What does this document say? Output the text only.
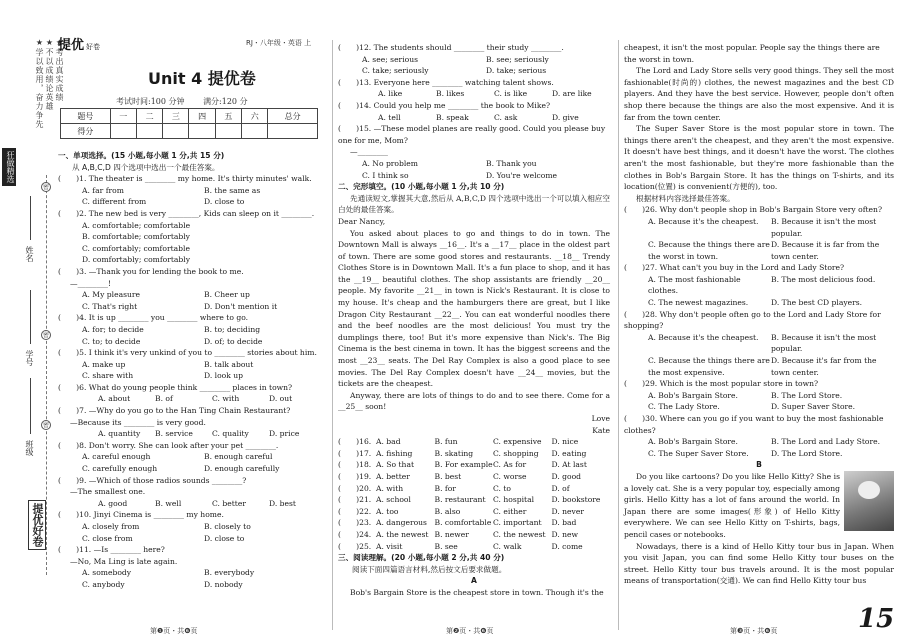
★考出真实成绩
★不以成绩论英雄
★学以致用，奋力争先
狂做精选
密
密
密
姓名
学号
班级
提优好卷
提优 好卷	RJ・八年级・英语 上
Unit 4 提优卷
考试时间:100 分钟 满分:120 分
题号	一	二	三	四	五	六	总分
得分							
一、单项选择。(15 小题,每小题 1 分,共 15 分)
从 A,B,C,D 四个选项中选出一个最佳答案。
(　　)1. The theater is ________ my home. It's thirty minutes' walk.
A. far from	B. the same as
C. different from	D. close to
(　　)2. The new bed is very ________, Kids can sleep on it ________.
A. comfortable; comfortable
B. comfortable; comfortably
C. comfortably; comfortable
D. comfortably; comfortably
(　　)3. —Thank you for lending the book to me.
—________!
A. My pleasure	B. Cheer up
C. That's right	D. Don't mention it
(　　)4. It is up ________ you ________ where to go.
A. for; to decide	B. to; deciding
C. to; to decide	D. of; to decide
(　　)5. I think it's very unkind of you to ________ stories about him.
A. make up	B. talk about
C. share with	D. look up
(　　)6. What do young people think ________ places in town?
A. about	B. of	C. with	D. out
(　　)7. —Why do you go to the Han Ting Chain Restaurant?
—Because its ________ is very good.
A. quantity	B. service	C. quality	D. price
(　　)8. Don't worry. She can look after your pet ________.
A. careful enough	B. enough careful
C. carefully enough	D. enough carefully
(　　)9. —Which of those radios sounds ________?
—The smallest one.
A. good	B. well	C. better	D. best
(　　)10. Jinyi Cinema is ________ my home.
A. closely from	B. closely to
C. close from	D. close to
(　　)11. —Is ________ here?
—No, Ma Ling is late again.
A. somebody	B. everybody
C. anybody	D. nobody
(　　)12. The students should ________ their study ________.
A. see; serious	B. see; seriously
C. take; seriously	D. take; serious
(　　)13. Everyone here ________ watching talent shows.
A. like	B. likes	C. is like	D. are like
(　　)14. Could you help me ________ the book to Mike?
A. tell	B. speak	C. ask	D. give
(　　)15. —These model planes are really good. Could you please buy one for me, Mom?
—________
A. No problem	B. Thank you
C. I think so	D. You're welcome
二、完形填空。(10 小题,每小题 1 分,共 10 分)
先通读短文,掌握其大意,然后从 A,B,C,D 四个选项中选出一个可以填入相应空白处的最佳答案。
Dear Nancy,
You asked about places to go and things to do in town. The Downtown Mall is always __16__. It's a __17__ place in the oldest part of town. There are some good stores and restaurants. __18__ Trendy Clothes Store is in Downtown Mall. It's a fun place to shop, and it has the __19__ beautiful clothes. The shop assistants are friendly __20__ people. My favorite __21__ in town is Nick's Restaurant. It is close to my house. It's cheap and the hamburgers there are great, but I like Dragon City Restaurant __22__. You can eat wonderful noodles there and the beef noodles are the most delicious! You must try the dumplings there, too! But it's more expensive than Nick's. The Big Cinema is the best cinema in town. It has the biggest screens and the most __23__ seats. The Del Ray Complex is also a good place to see movies. The Del Ray Complex doesn't have __24__ movies, but the tickets are the cheapest.
Anyway, there are lots of things to do and to see there. Come for a __25__ soon!
Love
Kate
(　　)16. A. bad	B. fun	C. expensive	D. nice
(　　)17. A. fishing	B. skating	C. shopping	D. eating
(　　)18. A. So that	B. For example C. As for	D. At last
(　　)19. A. better	B. best	C. worse	D. good
(　　)20. A. with	B. for	C. to	D. of
(　　)21. A. school	B. restaurant C. hospital	D. bookstore
(　　)22. A. too	B. also	C. either	D. never
(　　)23. A. dangerous B. comfortable C. important	D. bad
(　　)24. A. the newest B. newer	C. the newest D. new
(　　)25. A. visit	B. see	C. walk	D. come
三、阅读理解。(20 小题,每小题 2 分,共 40 分)
阅读下面四篇语言材料,然后按文后要求做题。
A
Bob's Bargain Store is the cheapest store in town. Though it's the
cheapest, it isn't the most popular. People say the things there are the worst in town.
The Lord and Lady Store sells very good things. They sell the most fashionable(时尚的) clothes, the newest magazines and the best CD players. And they have the best service. However, people don't often shop there because the things are also the most expensive. And it is far from the town center.
The Super Saver Store is the most popular store in town. The things there aren't the cheapest, and they aren't the most expensive. It doesn't have best things, and it doesn't have the worst. The clothes aren't the most fashionable, but they're more fashionable than the clothes in Bob's Bargain Store. It has the things on T-shirts, and its location(位置) is convenient(方便的), too.
根据材料内容选择最佳答案。
(　　)26. Why don't people shop in Bob's Bargain Store very often?
A. Because it's the cheapest.	B. Because it isn't the most popular.
C. Because the things there are the worst in town.
D. Because it is far from the town center.
(　　)27. What can't you buy in the Lord and Lady Store?
A. The most fashionable clothes.
B. The most delicious food.
C. The newest magazines.	D. The best CD players.
(　　)28. Why don't people often go to the Lord and Lady Store for shopping?
A. Because it's the cheapest.	B. Because it isn't the most popular.
C. Because the things there are the most expensive.
D. Because it's far from the town center.
(　　)29. Which is the most popular store in town?
A. Bob's Bargain Store.	B. The Lord Store.
C. The Lady Store.	D. Super Saver Store.
(　　)30. Where can you go if you want to buy the most fashionable clothes?
A. Bob's Bargain Store.	B. The Lord and Lady Store.
C. The Super Saver Store.	D. The Lord Store.
B
Do you like cartoons? Do you like Hello Kitty? She is a lovely cat. She is a very popular toy, especially among girls. Hello Kitty has a lot of fans around the world. In Japan there are some images(形象) of Hello Kitty everywhere. We can see Hello Kitty on T-shirts, bags, pencil cases or notebooks.
Nowadays, there is a kind of Hello Kitty tour bus in Japan. When you visit Japan, you can find some Hello Kitty tour buses on the street. Hello Kitty tour bus travels around. It is the most popular means of transportation(交通). We can find Hello Kitty tour bus
第❶页・共❻页	第❷页・共❻页	第❸页・共❻页	15
